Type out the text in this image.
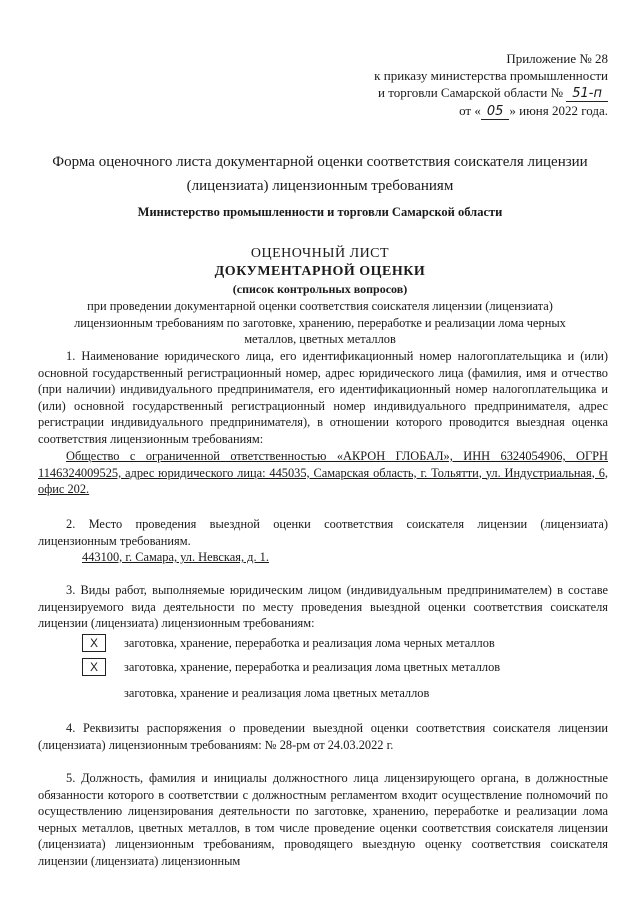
Приложение № 28
к приказу министерства промышленности
и торговли Самарской области № 51-п
от « 05 » июня 2022 года.
Форма оценочного листа документарной оценки соответствия соискателя лицензии
(лицензиата) лицензионным требованиям
Министерство промышленности и торговли Самарской области
ОЦЕНОЧНЫЙ ЛИСТ
ДОКУМЕНТАРНОЙ ОЦЕНКИ
(список контрольных вопросов)
при проведении документарной оценки соответствия соискателя лицензии (лицензиата) лицензионным требованиям по заготовке, хранению, переработке и реализации лома черных металлов, цветных металлов
1. Наименование юридического лица, его идентификационный номер налогоплательщика и (или) основной государственный регистрационный номер, адрес юридического лица (фамилия, имя и отчество (при наличии) индивидуального предпринимателя, его идентификационный номер налогоплательщика и (или) основной государственный регистрационный номер индивидуального предпринимателя, адрес регистрации индивидуального предпринимателя), в отношении которого проводится выездная оценка соответствия лицензионным требованиям:
Общество с ограниченной ответственностью «АКРОН ГЛОБАЛ», ИНН 6324054906, ОГРН 1146324009525, адрес юридического лица: 445035, Самарская область, г. Тольятти, ул. Индустриальная, 6, офис 202.
2. Место проведения выездной оценки соответствия соискателя лицензии (лицензиата) лицензионным требованиям.
443100, г. Самара, ул. Невская, д. 1.
3. Виды работ, выполняемые юридическим лицом (индивидуальным предпринимателем) в составе лицензируемого вида деятельности по месту проведения выездной оценки соответствия соискателя лицензии (лицензиата) лицензионным требованиям:
X	заготовка, хранение, переработка и реализация лома черных металлов
X	заготовка, хранение, переработка и реализация лома цветных металлов
заготовка, хранение и реализация лома цветных металлов
4. Реквизиты распоряжения о проведении выездной оценки соответствия соискателя лицензии (лицензиата) лицензионным требованиям: № 28-рм от 24.03.2022 г.
5. Должность, фамилия и инициалы должностного лица лицензирующего органа, в должностные обязанности которого в соответствии с должностным регламентом входит осуществление полномочий по осуществлению лицензирования деятельности по заготовке, хранению, переработке и реализации лома черных металлов, цветных металлов, в том числе проведение оценки соответствия соискателя лицензии (лицензиата) лицензионным требованиям, проводящего выездную оценку соответствия соискателя лицензии (лицензиата) лицензионным
